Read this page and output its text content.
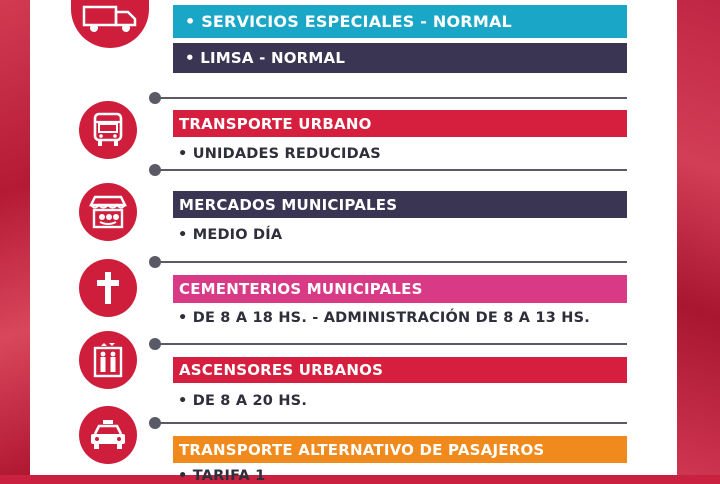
• SERVICIOS ESPECIALES - NORMAL
• LIMSA - NORMAL
TRANSPORTE URBANO
• UNIDADES REDUCIDAS
MERCADOS MUNICIPALES
• MEDIO DÍA
CEMENTERIOS MUNICIPALES
• DE 8 A 18 HS. - ADMINISTRACIÓN DE 8 A 13 HS.
ASCENSORES URBANOS
• DE 8 A 20 HS.
TRANSPORTE ALTERNATIVO DE PASAJEROS
• TARIFA 1
